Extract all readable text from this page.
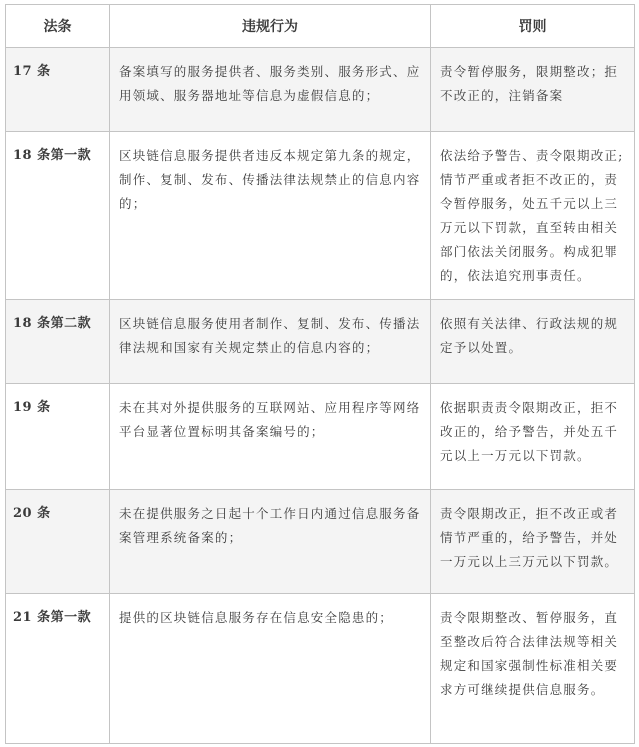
法条	违规行为	罚则
17 条	备案填写的服务提供者、服务类别、服务形式、应用领域、服务器地址等信息为虚假信息的；	责令暂停服务，限期整改；拒不改正的，注销备案
18 条第一款	区块链信息服务提供者违反本规定第九条的规定，制作、复制、发布、传播法律法规禁止的信息内容的；	依法给予警告、责令限期改正;情节严重或者拒不改正的，责令暂停服务，处五千元以上三万元以下罚款，直至转由相关部门依法关闭服务。构成犯罪的，依法追究刑事责任。
18 条第二款	区块链信息服务使用者制作、复制、发布、传播法律法规和国家有关规定禁止的信息内容的；	依照有关法律、行政法规的规定予以处置。
19 条	未在其对外提供服务的互联网站、应用程序等网络平台显著位置标明其备案编号的；	依据职责责令限期改正，拒不改正的，给予警告，并处五千元以上一万元以下罚款。
20 条	未在提供服务之日起十个工作日内通过信息服务备案管理系统备案的；	责令限期改正，拒不改正或者情节严重的，给予警告，并处一万元以上三万元以下罚款。
21 条第一款	提供的区块链信息服务存在信息安全隐患的；	责令限期整改、暂停服务，直至整改后符合法律法规等相关规定和国家强制性标准相关要求方可继续提供信息服务。
